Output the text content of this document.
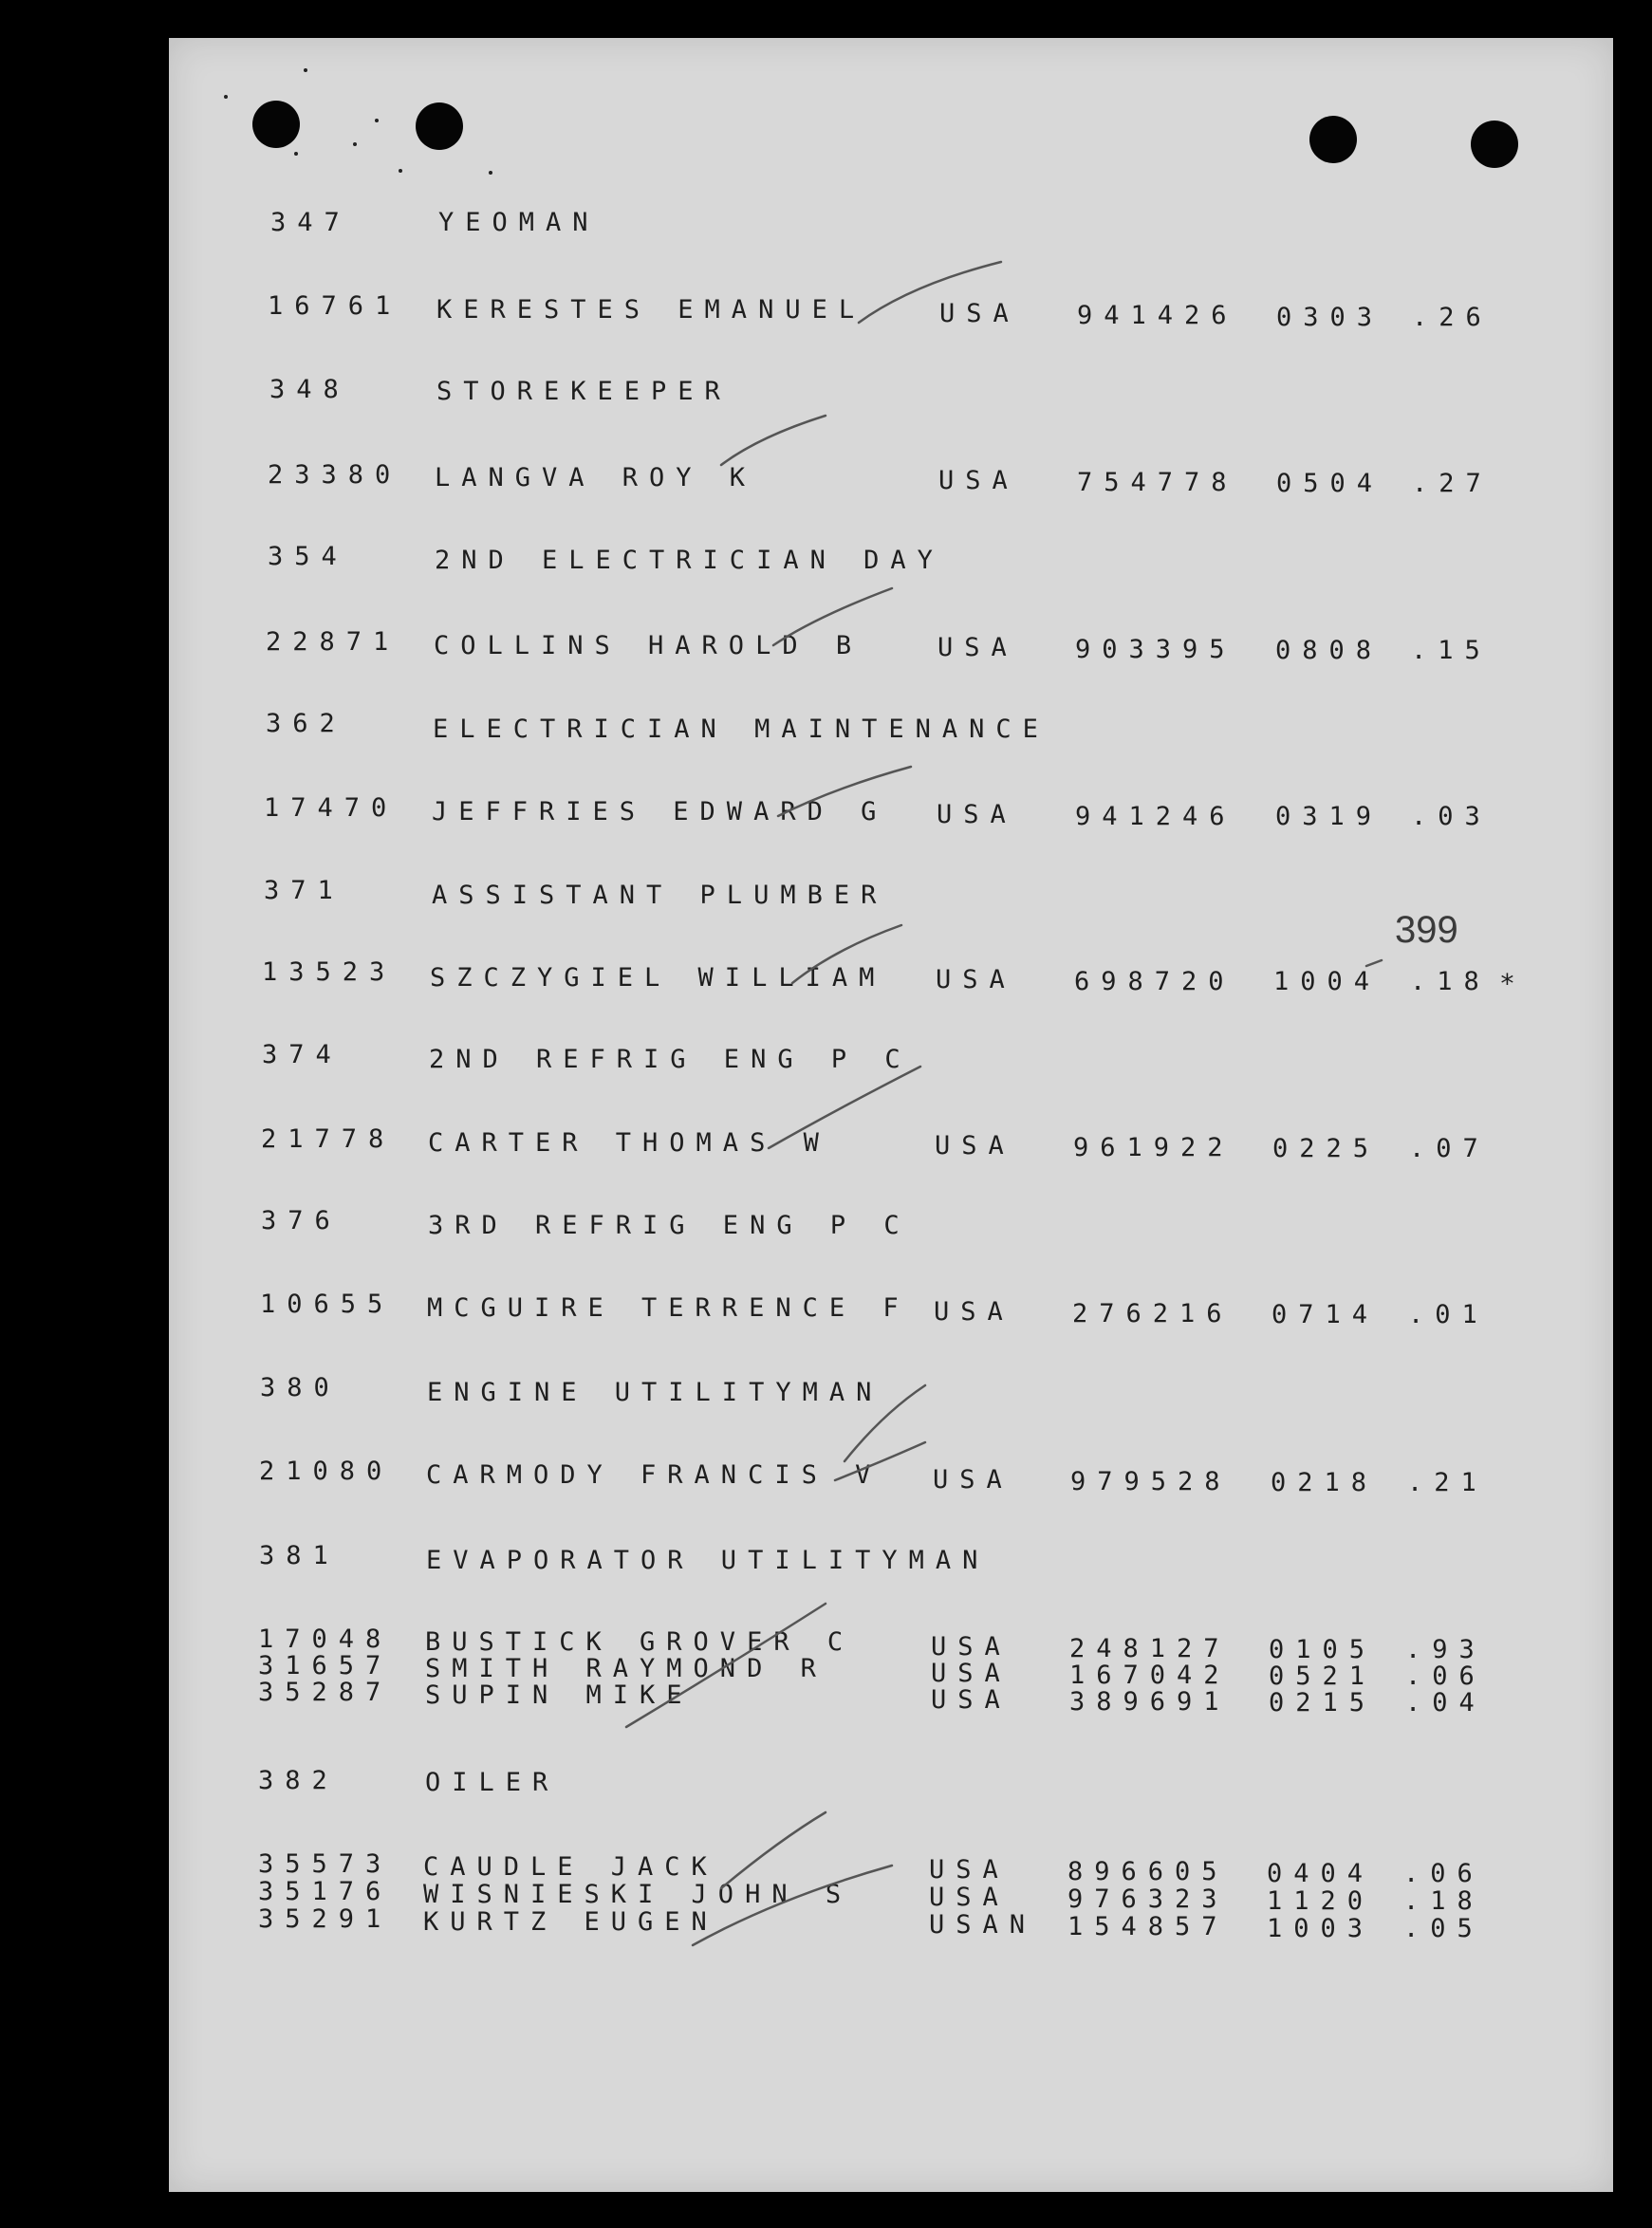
347	YEOMAN
16761 KERESTES EMANUEL	USA 941426 0303 .26
348	STOREKEEPER
23380 LANGVA ROY K	USA 754778 0504 .27
354	2ND ELECTRICIAN DAY
22871 COLLINS HAROLD B	USA 903395 0808 .15
362	ELECTRICIAN MAINTENANCE
17470 JEFFRIES EDWARD G USA 941246 0319 .03
371	ASSISTANT PLUMBER
399
13523 SZCZYGIEL WILLIAM USA 698720 1004 .18 *
374	2ND REFRIG ENG P C
21778 CARTER THOMAS W	USA 961922 0225 .07
376	3RD REFRIG ENG P C
10655 MCGUIRE TERRENCE F USA 276216 0714 .01
380	ENGINE UTILITYMAN
21080 CARMODY FRANCIS V USA 979528 0218 .21
381	EVAPORATOR UTILITYMAN
17048 BUSTICK GROVER C	USA 248127 0105 .93
31657 SMITH RAYMOND R	USA 167042 0521 .06
35287 SUPIN MIKE	USA 389691 0215 .04
382	OILER
35573 CAUDLE JACK	USA 896605 0404 .06
35176 WISNIESKI JOHN S	USA 976323 1120 .18
35291 KURTZ EUGEN	USAN 154857 1003 .05
